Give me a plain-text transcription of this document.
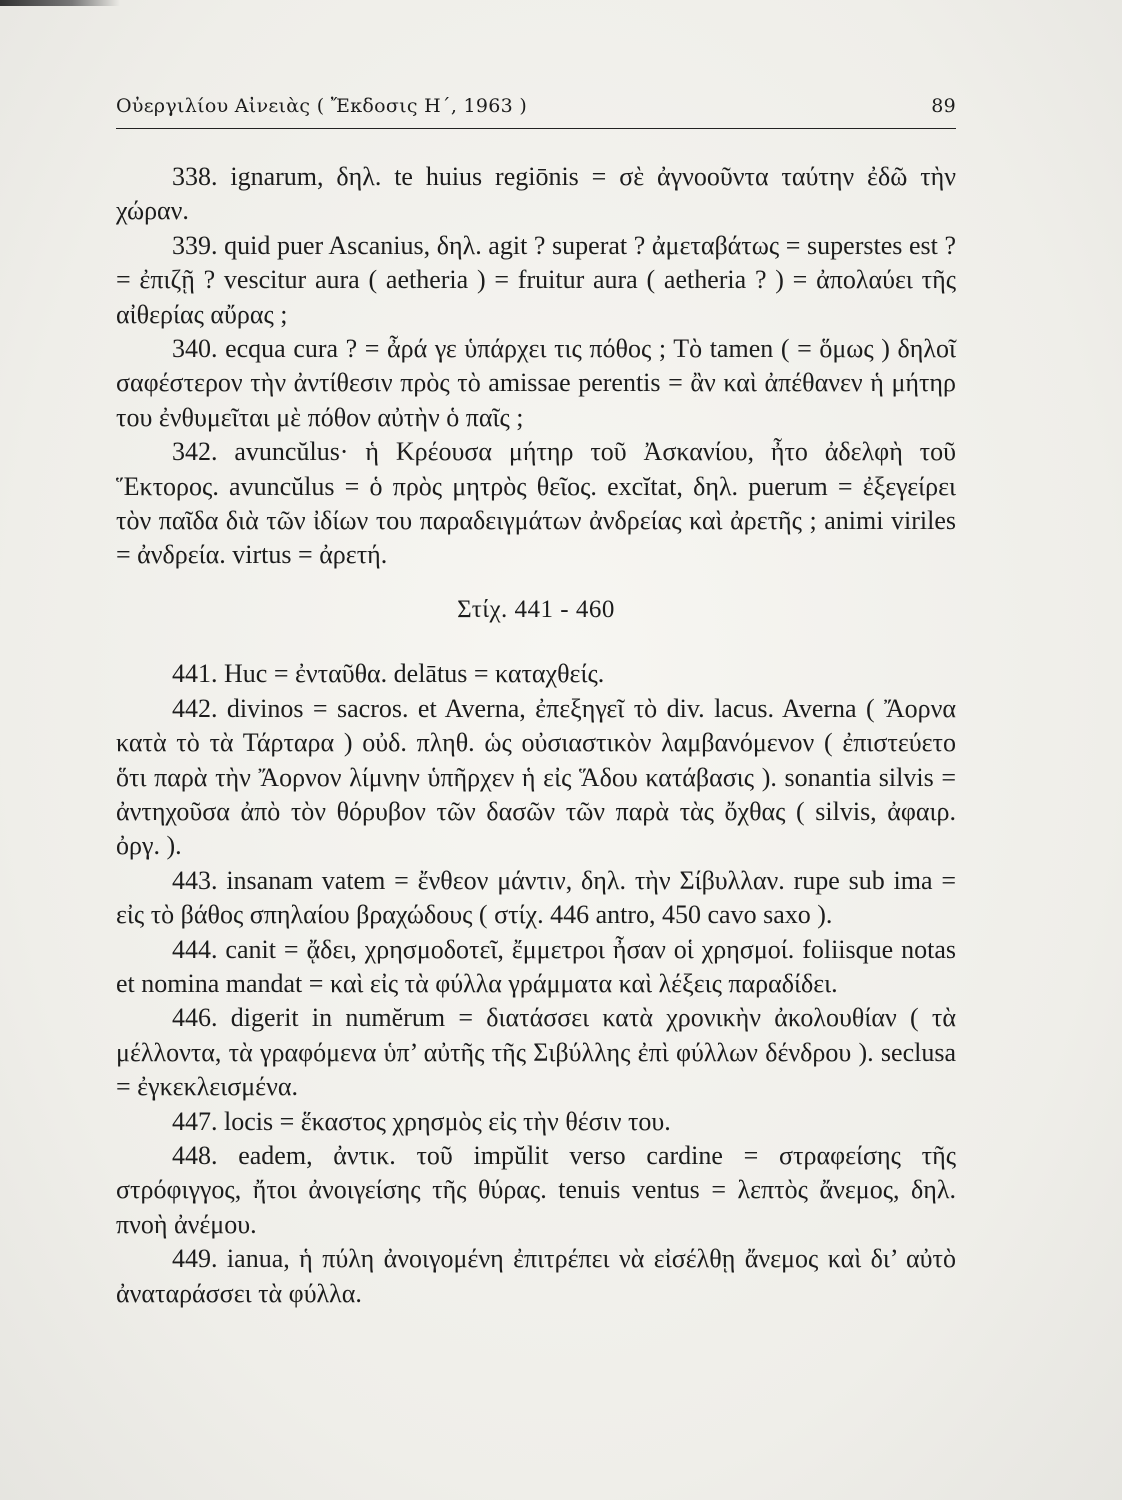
Οὐεργιλίου Αἰνειὰς ( Ἔκδοσις Η΄, 1963 )	89

338. ignarum, δηλ. te huius regiōnis = σὲ ἀγνοοῦντα ταύτην ἐδῶ τὴν χώραν.

339. quid puer Ascanius, δηλ. agit ? superat ? ἀμεταβάτως = superstes est ? = ἐπιζῇ ? vescitur aura ( aetheria ) = fruitur aura ( aetheria ? ) = ἀπολαύει τῆς αἰθερίας αὔρας ;

340. ecqua cura ? = ἆρά γε ὑπάρχει τις πόθος ; Τὸ tamen ( = ὅμως ) δηλοῖ σαφέστερον τὴν ἀντίθεσιν πρὸς τὸ amissae perentis = ἂν καὶ ἀπέθανεν ἡ μήτηρ του ἐνθυμεῖται μὲ πόθον αὐτὴν ὁ παῖς ;

342. avuncŭlus· ἡ Κρέουσα μήτηρ τοῦ Ἀσκανίου, ἦτο ἀδελφὴ τοῦ Ἕκτορος. avuncŭlus = ὁ πρὸς μητρὸς θεῖος. excĭtat, δηλ. puerum = ἐξεγείρει τὸν παῖδα διὰ τῶν ἰδίων του παραδειγμάτων ἀνδρείας καὶ ἀρετῆς ; animi viriles = ἀνδρεία. virtus = ἀρετή.

Στίχ. 441 - 460

441. Huc = ἐνταῦθα. delātus = καταχθείς.

442. divinos = sacros. et Averna, ἐπεξηγεῖ τὸ div. lacus. Averna ( Ἄορνα κατὰ τὸ τὰ Τάρταρα ) οὐδ. πληθ. ὡς οὐσιαστικὸν λαμβανόμενον ( ἐπιστεύετο ὅτι παρὰ τὴν Ἄορνον λίμνην ὑπῆρχεν ἡ εἰς Ἅδου κατάβασις ). sonantia silvis = ἀντηχοῦσα ἀπὸ τὸν θόρυβον τῶν δασῶν τῶν παρὰ τὰς ὄχθας ( silvis, ἀφαιρ. ὀργ. ).

443. insanam vatem = ἔνθεον μάντιν, δηλ. τὴν Σίβυλλαν. rupe sub ima = εἰς τὸ βάθος σπηλαίου βραχώδους ( στίχ. 446 antro, 450 cavo saxo ).

444. canit = ᾄδει, χρησμοδοτεῖ, ἔμμετροι ἦσαν οἱ χρησμοί. foliisque notas et nomina mandat = καὶ εἰς τὰ φύλλα γράμματα καὶ λέξεις παραδίδει.

446. digerit in numĕrum = διατάσσει κατὰ χρονικὴν ἀκολουθίαν ( τὰ μέλλοντα, τὰ γραφόμενα ὑπ’ αὐτῆς τῆς Σιβύλλης ἐπὶ φύλλων δένδρου ). seclusa = ἐγκεκλεισμένα.

447. locis = ἕκαστος χρησμὸς εἰς τὴν θέσιν του.

448. eadem, ἀντικ. τοῦ impŭlit verso cardine = στραφείσης τῆς στρόφιγγος, ἤτοι ἀνοιγείσης τῆς θύρας. tenuis ventus = λεπτὸς ἄνεμος, δηλ. πνοὴ ἀνέμου.

449. ianua, ἡ πύλη ἀνοιγομένη ἐπιτρέπει νὰ εἰσέλθῃ ἄνεμος καὶ δι’ αὐτὸ ἀναταράσσει τὰ φύλλα.
